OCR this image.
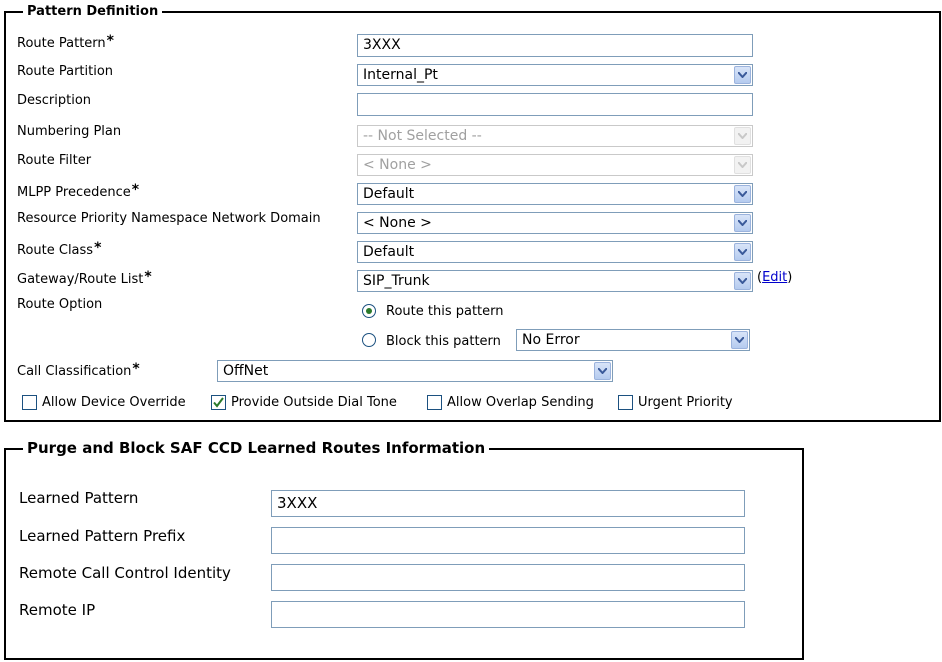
Pattern Definition
Route Pattern*	3XXX
Route Partition	Internal_Pt
Description
Numbering Plan	-- Not Selected --
Route Filter	< None >
MLPP Precedence*	Default
Resource Priority Namespace Network Domain	< None >
Route Class*	Default
Gateway/Route List*	SIP_Trunk	(Edit)
Route Option	Route this pattern
Block this pattern	No Error
Call Classification*	OffNet
Allow Device Override	Provide Outside Dial Tone	Allow Overlap Sending	Urgent Priority
Purge and Block SAF CCD Learned Routes Information
Learned Pattern	3XXX
Learned Pattern Prefix
Remote Call Control Identity
Remote IP
